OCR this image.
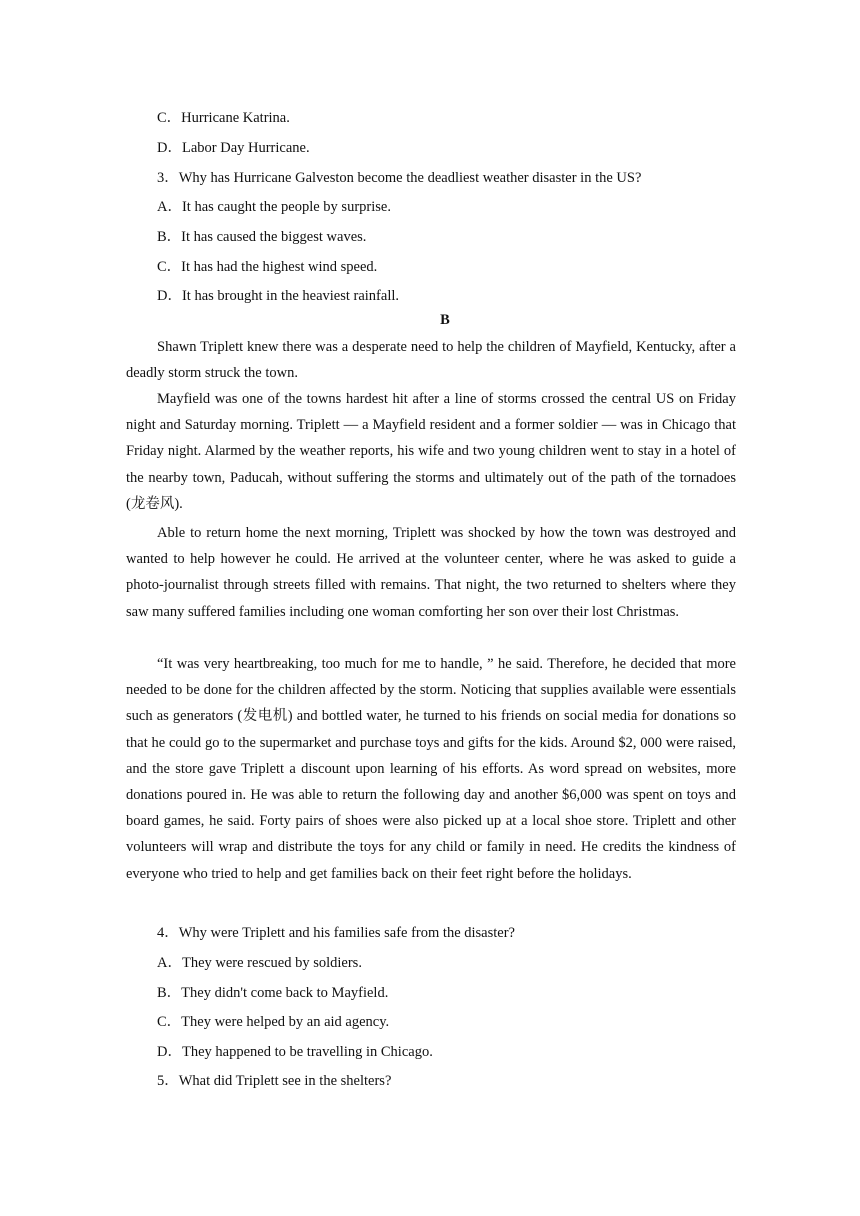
C．Hurricane Katrina.
D．Labor Day Hurricane.
3．Why has Hurricane Galveston become the deadliest weather disaster in the US?
A．It has caught the people by surprise.
B．It has caused the biggest waves.
C．It has had the highest wind speed.
D．It has brought in the heaviest rainfall.
B

Shawn Triplett knew there was a desperate need to help the children of Mayfield, Kentucky, after a deadly storm struck the town.

Mayfield was one of the towns hardest hit after a line of storms crossed the central US on Friday night and Saturday morning. Triplett — a Mayfield resident and a former soldier — was in Chicago that Friday night. Alarmed by the weather reports, his wife and two young children went to stay in a hotel of the nearby town, Paducah, without suffering the storms and ultimately out of the path of the tornadoes (龙卷风).

Able to return home the next morning, Triplett was shocked by how the town was destroyed and wanted to help however he could. He arrived at the volunteer center, where he was asked to guide a photo-journalist through streets filled with remains. That night, the two returned to shelters where they saw many suffered families including one woman comforting her son over their lost Christmas.

“It was very heartbreaking, too much for me to handle, ” he said. Therefore, he decided that more needed to be done for the children affected by the storm. Noticing that supplies available were essentials such as generators (发电机) and bottled water, he turned to his friends on social media for donations so that he could go to the supermarket and purchase toys and gifts for the kids. Around $2, 000 were raised, and the store gave Triplett a discount upon learning of his efforts. As word spread on websites, more donations poured in. He was able to return the following day and another $6,000 was spent on toys and board games, he said. Forty pairs of shoes were also picked up at a local shoe store. Triplett and other volunteers will wrap and distribute the toys for any child or family in need. He credits the kindness of everyone who tried to help and get families back on their feet right before the holidays.

4．Why were Triplett and his families safe from the disaster?
A．They were rescued by soldiers.
B．They didn't come back to Mayfield.
C．They were helped by an aid agency.
D．They happened to be travelling in Chicago.
5．What did Triplett see in the shelters?
